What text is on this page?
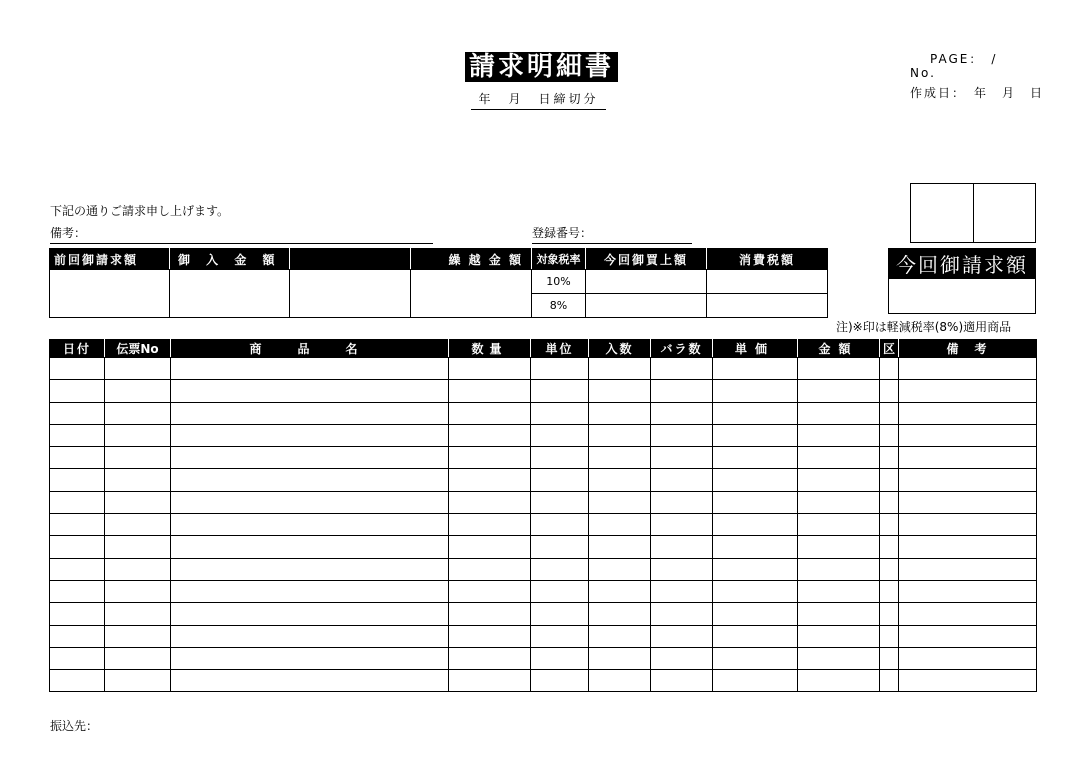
請求明細書
年　月　日締切分
PAGE：　/
No.
作成日：　年　月　日

下記の通りご請求申し上げます。
備考：	登録番号：
前回御請求額	御 入 金 額		繰 越 金 額	対象税率	今回御買上額	消費税額
				10%		
				8%		
今回御請求額

注)※印は軽減税率(8%)適用商品
日付	伝票No	商　品　名	数量	単位	入数	バラ数	単価	金額	区	備　考

振込先：
